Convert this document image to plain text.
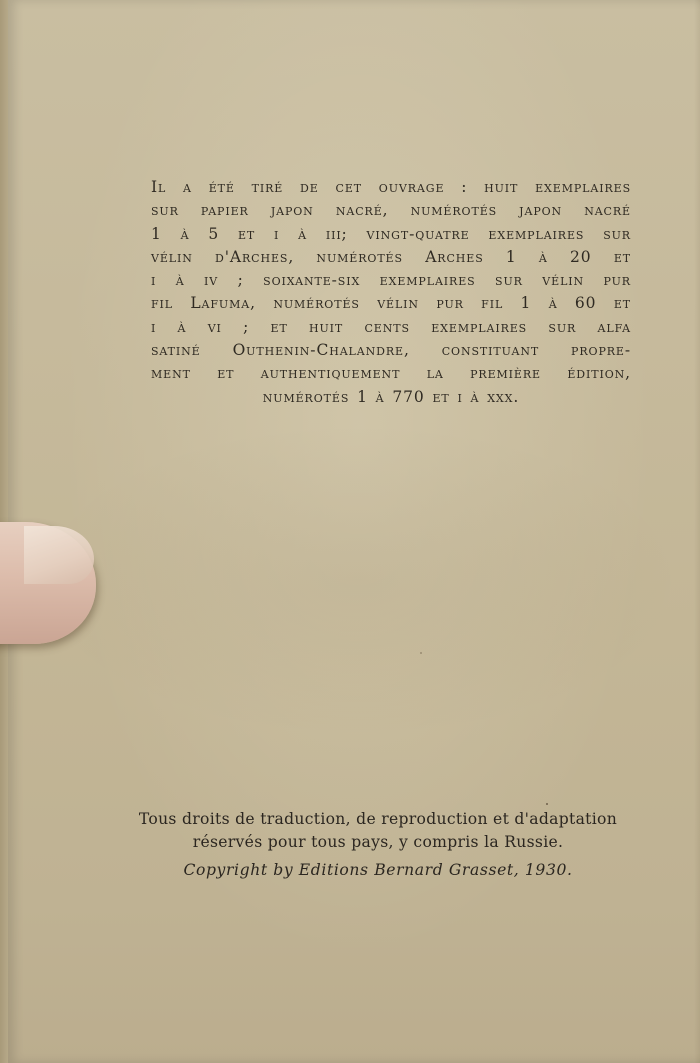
Il a été tiré de cet ouvrage : huit exemplaires
sur papier japon nacré, numérotés japon nacré
1 à 5 et i à iii; vingt-quatre exemplaires sur
vélin d'Arches, numérotés Arches 1 à 20 et
i à iv ; soixante-six exemplaires sur vélin pur
fil Lafuma, numérotés vélin pur fil 1 à 60 et
i à vi ; et huit cents exemplaires sur alfa
satiné Outhenin-Chalandre, constituant propre-
ment et authentiquement la première édition,
numérotés 1 à 770 et i à xxx.
Tous droits de traduction, de reproduction et d'adaptation
réservés pour tous pays, y compris la Russie.
Copyright by Editions Bernard Grasset, 1930.
